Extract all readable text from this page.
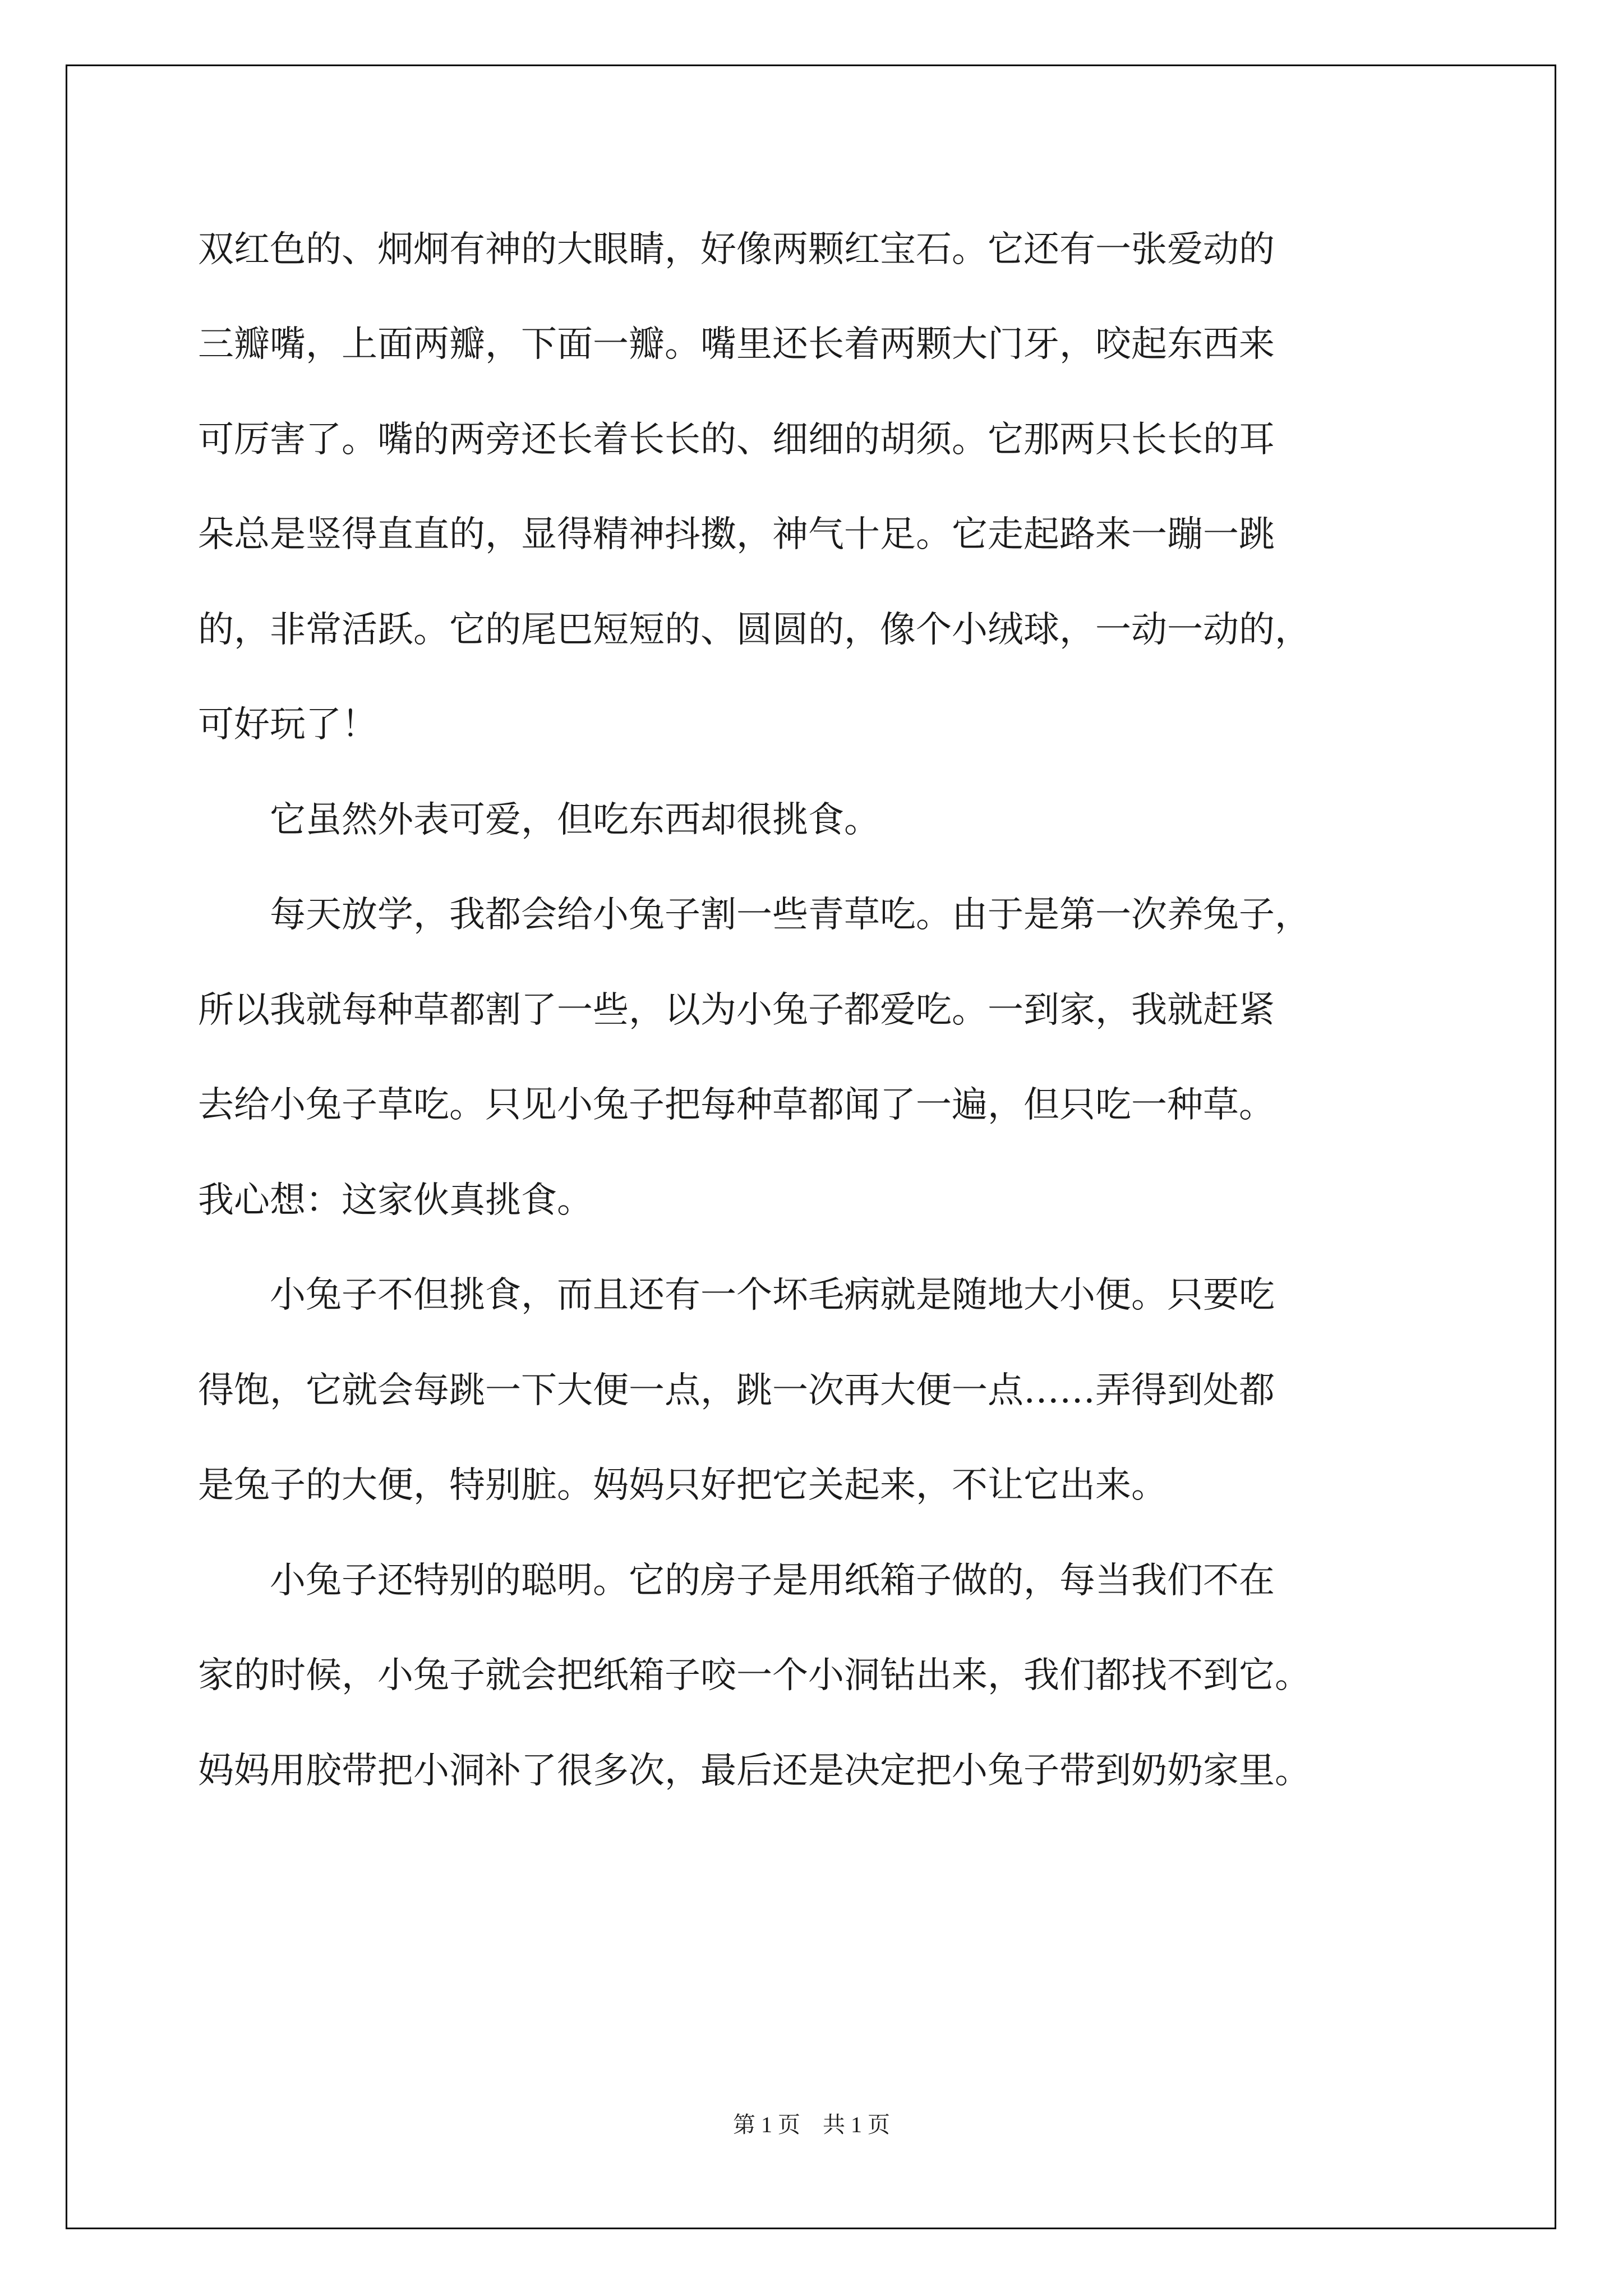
双红色的、炯炯有神的大眼睛，好像两颗红宝石。它还有一张爱动的
三瓣嘴，上面两瓣，下面一瓣。嘴里还长着两颗大门牙，咬起东西来
可厉害了。嘴的两旁还长着长长的、细细的胡须。它那两只长长的耳
朵总是竖得直直的，显得精神抖擞，神气十足。它走起路来一蹦一跳
的，非常活跃。它的尾巴短短的、圆圆的，像个小绒球，一动一动的，
可好玩了！
　　它虽然外表可爱，但吃东西却很挑食。
　　每天放学，我都会给小兔子割一些青草吃。由于是第一次养兔子，
所以我就每种草都割了一些，以为小兔子都爱吃。一到家，我就赶紧
去给小兔子草吃。只见小兔子把每种草都闻了一遍，但只吃一种草。
我心想：这家伙真挑食。
　　小兔子不但挑食，而且还有一个坏毛病就是随地大小便。只要吃
得饱，它就会每跳一下大便一点，跳一次再大便一点……弄得到处都
是兔子的大便，特别脏。妈妈只好把它关起来，不让它出来。
　　小兔子还特别的聪明。它的房子是用纸箱子做的，每当我们不在
家的时候，小兔子就会把纸箱子咬一个小洞钻出来，我们都找不到它。
妈妈用胶带把小洞补了很多次，最后还是决定把小兔子带到奶奶家里。
第 1 页　共 1 页
